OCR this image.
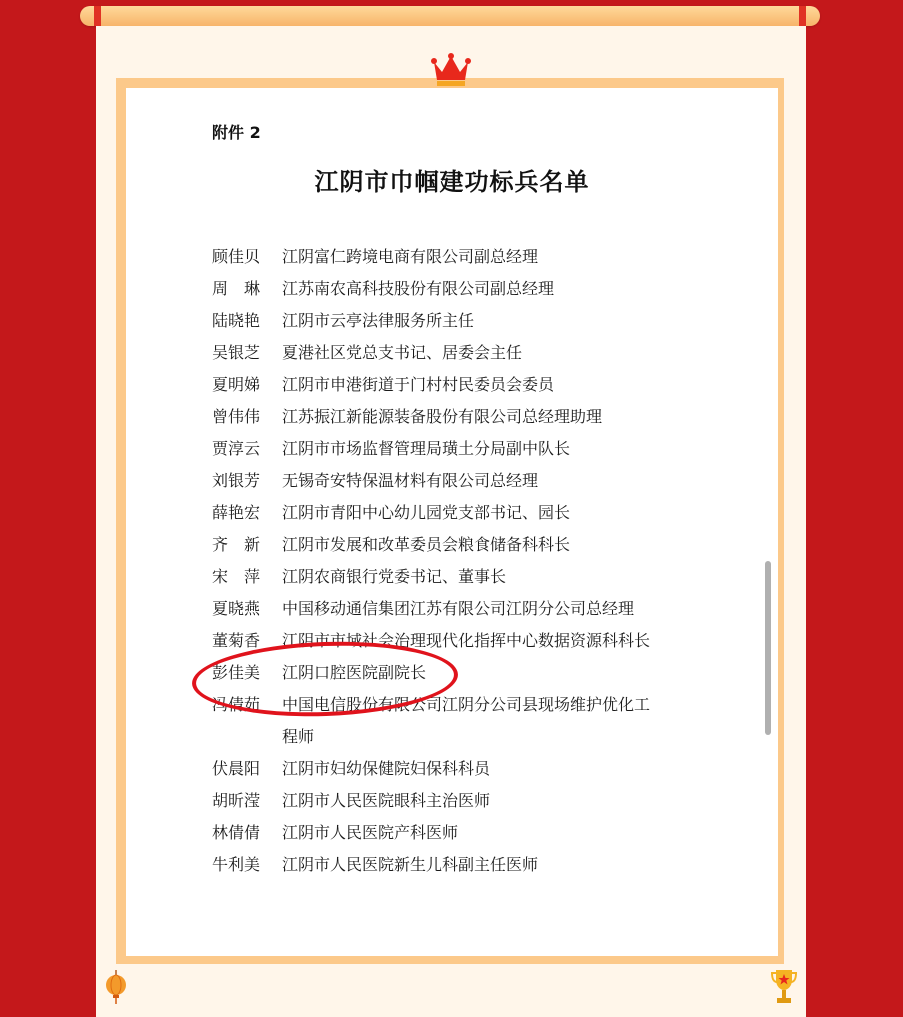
附件 2
江阴市巾帼建功标兵名单
顾佳贝	江阴富仁跨境电商有限公司副总经理
周　琳	江苏南农高科技股份有限公司副总经理
陆晓艳	江阴市云亭法律服务所主任
吴银芝	夏港社区党总支书记、居委会主任
夏明娣	江阴市申港街道于门村村民委员会委员
曾伟伟	江苏振江新能源装备股份有限公司总经理助理
贾淳云	江阴市市场监督管理局璜土分局副中队长
刘银芳	无锡奇安特保温材料有限公司总经理
薛艳宏	江阴市青阳中心幼儿园党支部书记、园长
齐　新	江阴市发展和改革委员会粮食储备科科长
宋　萍	江阴农商银行党委书记、董事长
夏晓燕	中国移动通信集团江苏有限公司江阴分公司总经理
董菊香	江阴市市域社会治理现代化指挥中心数据资源科科长
彭佳美	江阴口腔医院副院长
冯倩茹	中国电信股份有限公司江阴分公司县现场维护优化工程师
伏晨阳	江阴市妇幼保健院妇保科科员
胡昕滢	江阴市人民医院眼科主治医师
林倩倩	江阴市人民医院产科医师
牛利美	江阴市人民医院新生儿科副主任医师
